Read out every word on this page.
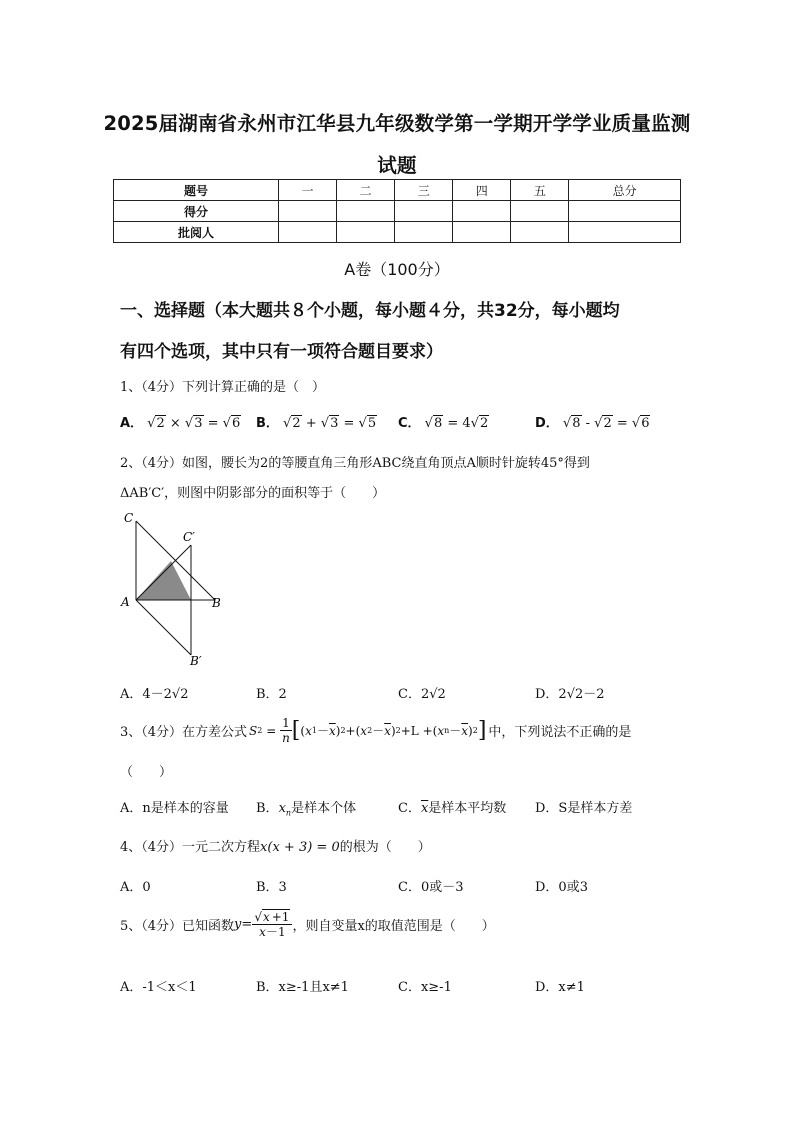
2025届湖南省永州市江华县九年级数学第一学期开学学业质量监测
试题
题号	一	二	三	四	五	总分
得分						
批阅人						
A卷（100分）
一、选择题（本大题共８个小题，每小题４分，共32分，每小题均
有四个选项，其中只有一项符合题目要求）
1、（4分）下列计算正确的是（　）
A． √2 × √3 = √6 B． √2 + √3 = √5 C． √8 = 4√2	D． √8 - √2 = √6
2、（4分）如图，腰长为2的等腰直角三角形ABC绕直角顶点A顺时针旋转45°得到
ΔAB′C′，则图中阴影部分的面积等于（　　）
C
C′
A	B
B′
A．4－2√2	B．2	C．2√2	D．2√2－2
3、（4分）在方差公式 S $2 = \frac{1}{n}$ [ ( x $1 - \overline{x}$ ) 2 +( x $2 - \overline{x}$ ) 2 +L +( x $n - \overline{x}$ ) 2 ] 中，下列说法不正确的是
（　　）
A．n是样本的容量 B．$x_n$是样本个体	C．$\overline{x}$是样本平均数 D．S是样本方差
4、（4分）一元二次方程x(x + 3) = 0的根为（　　）
A．0	B．3	C．0或－3	D．0或3
5、（4分）已知函数 $y = \frac{√x +1}{x-1}$ ，则自变量x的取值范围是（　　）
A．-1＜x＜1	B．x≥-1且x≠1	C．x≥-1	D．x≠1
